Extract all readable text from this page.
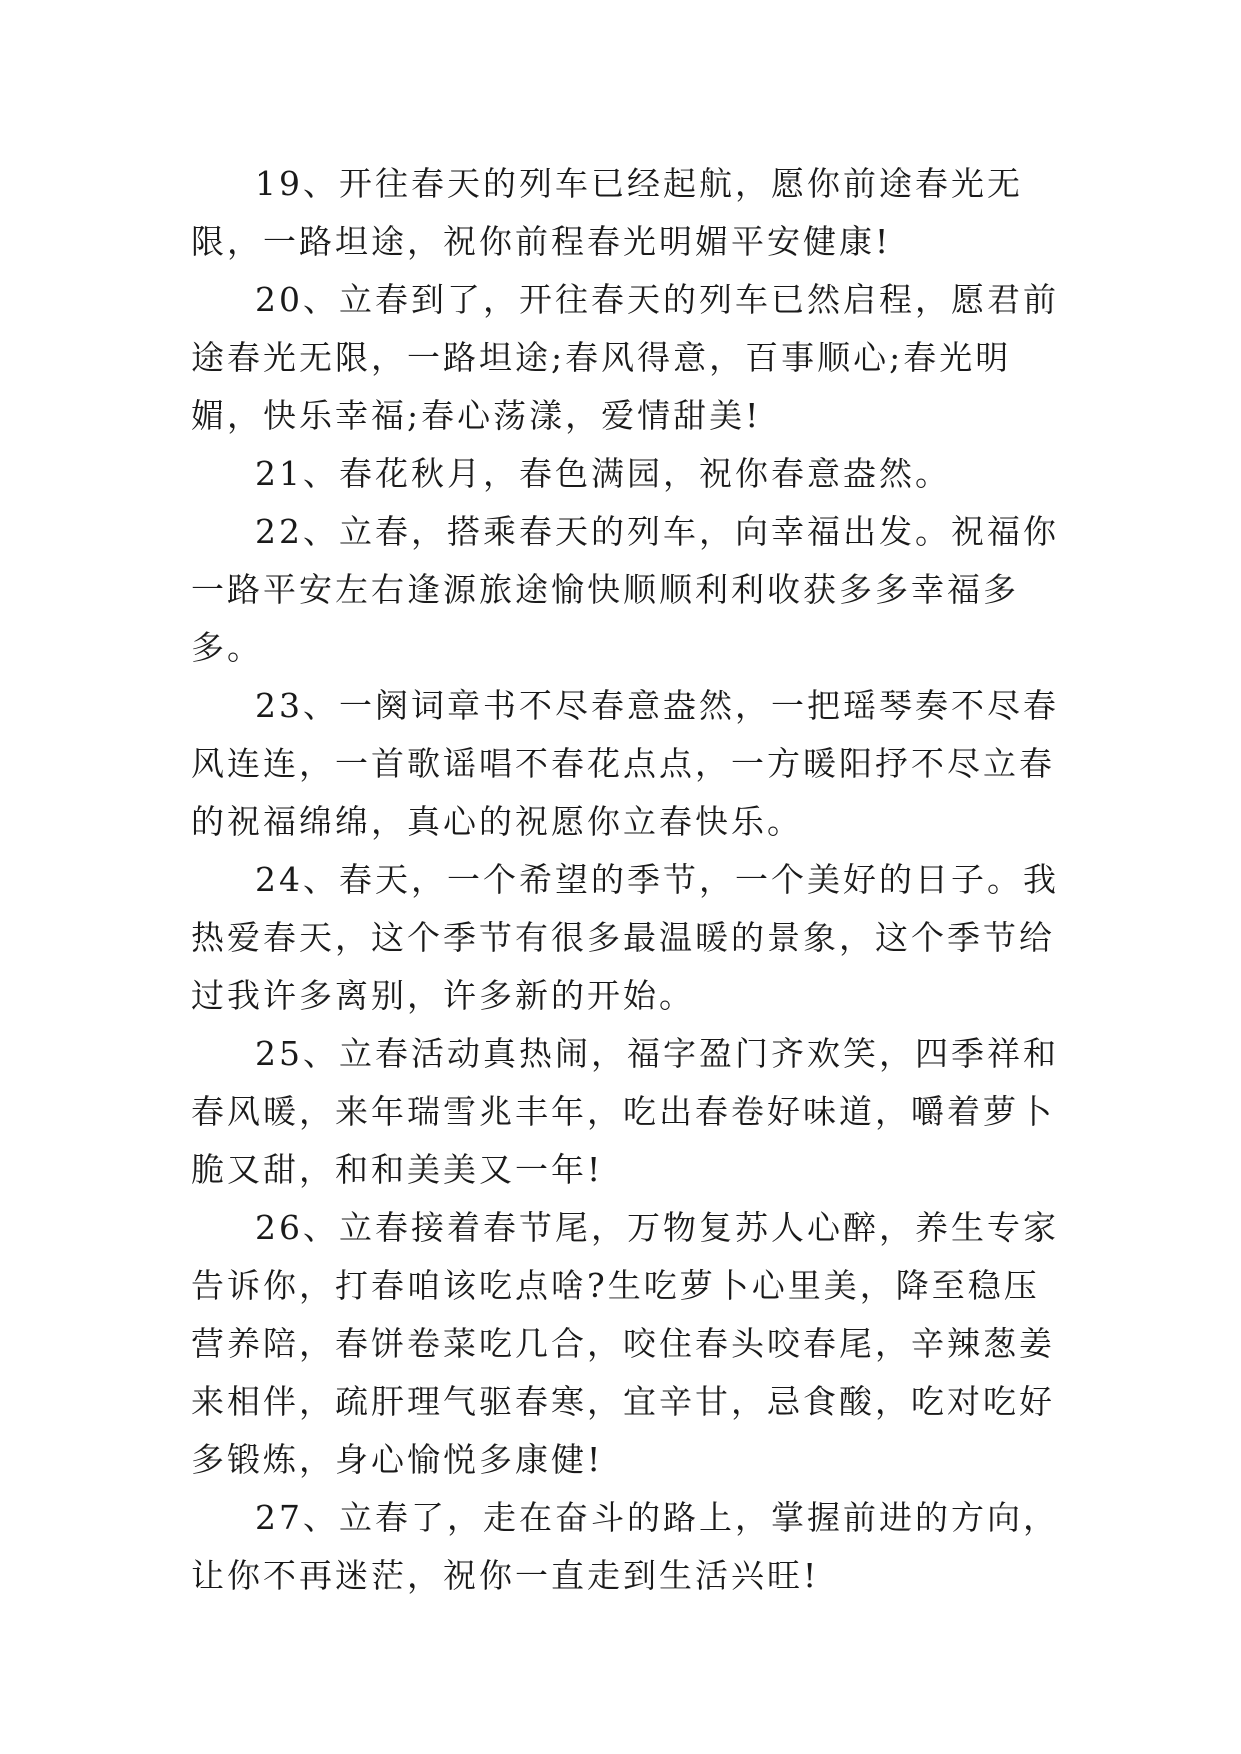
19、开往春天的列车已经起航，愿你前途春光无限，一路坦途，祝你前程春光明媚平安健康!

20、立春到了，开往春天的列车已然启程，愿君前途春光无限，一路坦途;春风得意，百事顺心;春光明媚，快乐幸福;春心荡漾，爱情甜美!

21、春花秋月，春色满园，祝你春意盎然。

22、立春，搭乘春天的列车，向幸福出发。祝福你一路平安左右逢源旅途愉快顺顺利利收获多多幸福多多。

23、一阕词章书不尽春意盎然，一把瑶琴奏不尽春风连连，一首歌谣唱不春花点点，一方暖阳抒不尽立春的祝福绵绵，真心的祝愿你立春快乐。

24、春天，一个希望的季节，一个美好的日子。我热爱春天，这个季节有很多最温暖的景象，这个季节给过我许多离别，许多新的开始。

25、立春活动真热闹，福字盈门齐欢笑，四季祥和春风暖，来年瑞雪兆丰年，吃出春卷好味道，嚼着萝卜脆又甜，和和美美又一年!

26、立春接着春节尾，万物复苏人心醉，养生专家告诉你，打春咱该吃点啥?生吃萝卜心里美，降至稳压营养陪，春饼卷菜吃几合，咬住春头咬春尾，辛辣葱姜来相伴，疏肝理气驱春寒，宜辛甘，忌食酸，吃对吃好多锻炼，身心愉悦多康健!

27、立春了，走在奋斗的路上，掌握前进的方向，让你不再迷茫，祝你一直走到生活兴旺!
